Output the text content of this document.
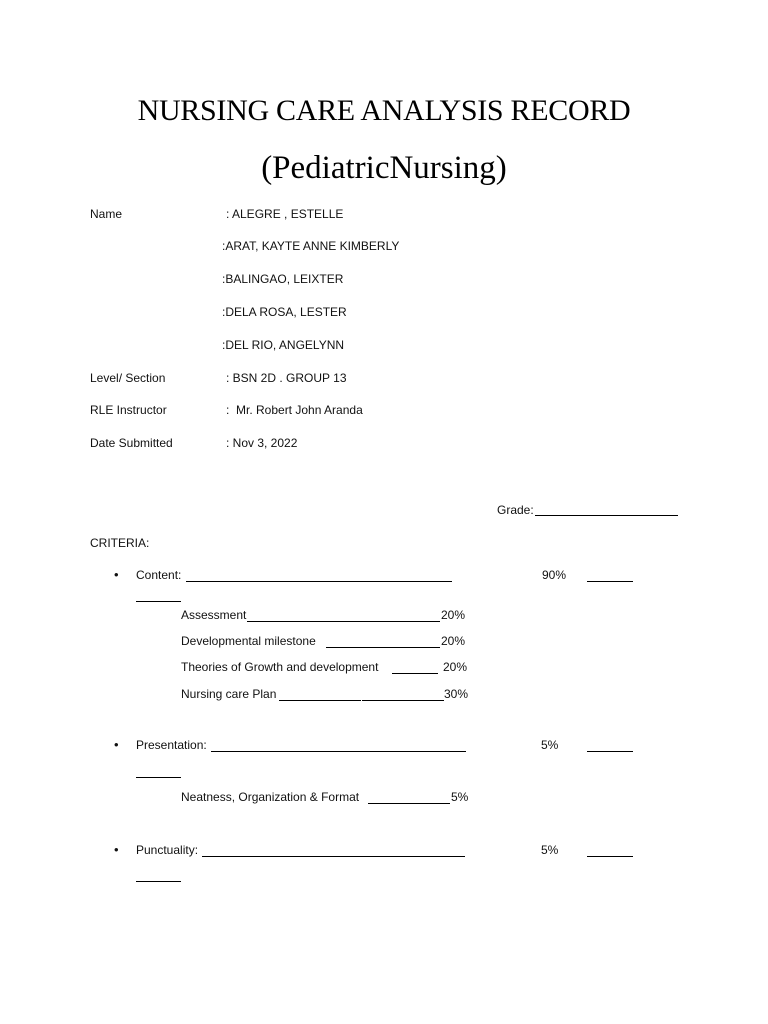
NURSING CARE ANALYSIS RECORD
(PediatricNursing)
Name	: ALEGRE , ESTELLE
:ARAT, KAYTE ANNE KIMBERLY
:BALINGAO, LEIXTER
:DELA ROSA, LESTER
:DEL RIO, ANGELYNN
Level/ Section	: BSN 2D . GROUP 13
RLE Instructor	:  Mr. Robert John Aranda
Date Submitted	: Nov 3, 2022
Grade:
CRITERIA:
• Content:	90%
Assessment	20%
Developmental milestone	20%
Theories of Growth and development	20%
Nursing care Plan	30%
• Presentation:	5%
Neatness, Organization & Format	5%
• Punctuality:	5%
